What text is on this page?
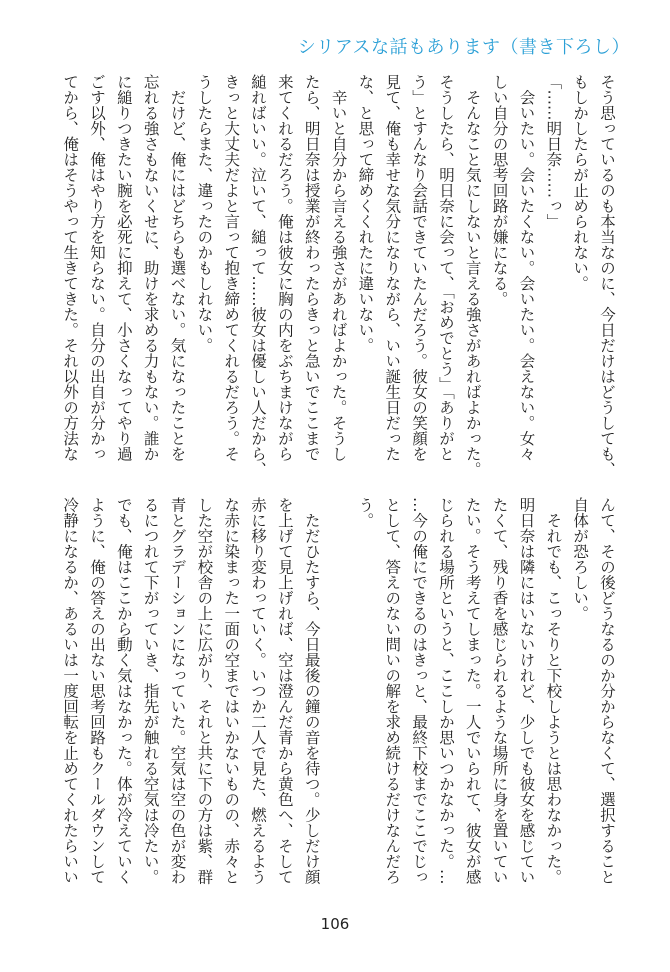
シリアスな話もあります（書き下ろし）
そう思っているのも本当なのに、今日だけはどうしても、
もしかしたらが止められない。
「……明日奈……っ」
　会いたい。会いたくない。会いたい。会えない。女々
しい自分の思考回路が嫌になる。
　そんなこと気にしないと言える強さがあればよかった。
そうしたら、明日奈に会って、「おめでとう」「ありがと
う」とすんなり会話できていたんだろう。彼女の笑顔を
見て、俺も幸せな気分になりながら、いい誕生日だった
な、と思って締めくくれたに違いない。
　辛いと自分から言える強さがあればよかった。そうし
たら、明日奈は授業が終わったらきっと急いでここまで
来てくれるだろう。俺は彼女に胸の内をぶちまけながら
縋ればいい。泣いて、縋って……彼女は優しい人だから、
きっと大丈夫だよと言って抱き締めてくれるだろう。そ
うしたらまた、違ったのかもしれない。
　だけど、俺にはどちらも選べない。気になったことを
忘れる強さもないくせに、助けを求める力もない。誰か
に縋りつきたい腕を必死に抑えて、小さくなってやり過
ごす以外、俺はやり方を知らない。自分の出自が分かっ
てから、俺はそうやって生きてきた。それ以外の方法な
んて、その後どうなるのか分からなくて、選択すること
自体が恐ろしい。
　それでも、こっそりと下校しようとは思わなかった。
明日奈は隣にはいないけれど、少しでも彼女を感じてい
たくて、残り香を感じられるような場所に身を置いてい
たい。そう考えてしまった。一人でいられて、彼女が感
じられる場所というと、ここしか思いつかなかった。…
…今の俺にできるのはきっと、最終下校までここでじっ
として、答えのない問いの解を求め続けるだけなんだろ
う。
　ただひたすら、今日最後の鐘の音を待つ。少しだけ顔
を上げて見上げれば、空は澄んだ青から黄色へ、そして
赤に移り変わっていく。いつか二人で見た、燃えるよう
な赤に染まった一面の空まではいかないものの、赤々と
した空が校舎の上に広がり、それと共に下の方は紫、群
青とグラデーションになっていた。空気は空の色が変わ
るにつれて下がっていき、指先が触れる空気は冷たい。
でも、俺はここから動く気はなかった。体が冷えていく
ように、俺の答えの出ない思考回路もクールダウンして
冷静になるか、あるいは一度回転を止めてくれたらいい
106
